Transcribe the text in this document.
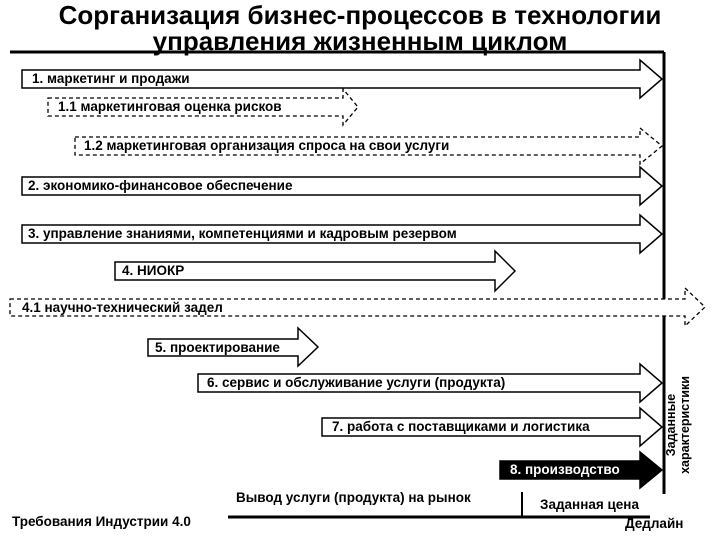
Сорганизация бизнес-процессов в технологии
управления жизненным циклом
1. маркетинг и продажи
1.1 маркетинговая оценка рисков
1.2 маркетинговая организация спроса на свои услуги
2. экономико-финансовое обеспечение
3. управление знаниями, компетенциями и кадровым резервом
4. НИОКР
4.1 научно-технический задел
5. проектирование
6. сервис и обслуживание услуги (продукта)
7. работа с поставщиками и логистика
8. производство
Вывод услуги (продукта) на рынок	Заданная цена
Требования Индустрии 4.0	Дедлайн
Заданные характеристики
